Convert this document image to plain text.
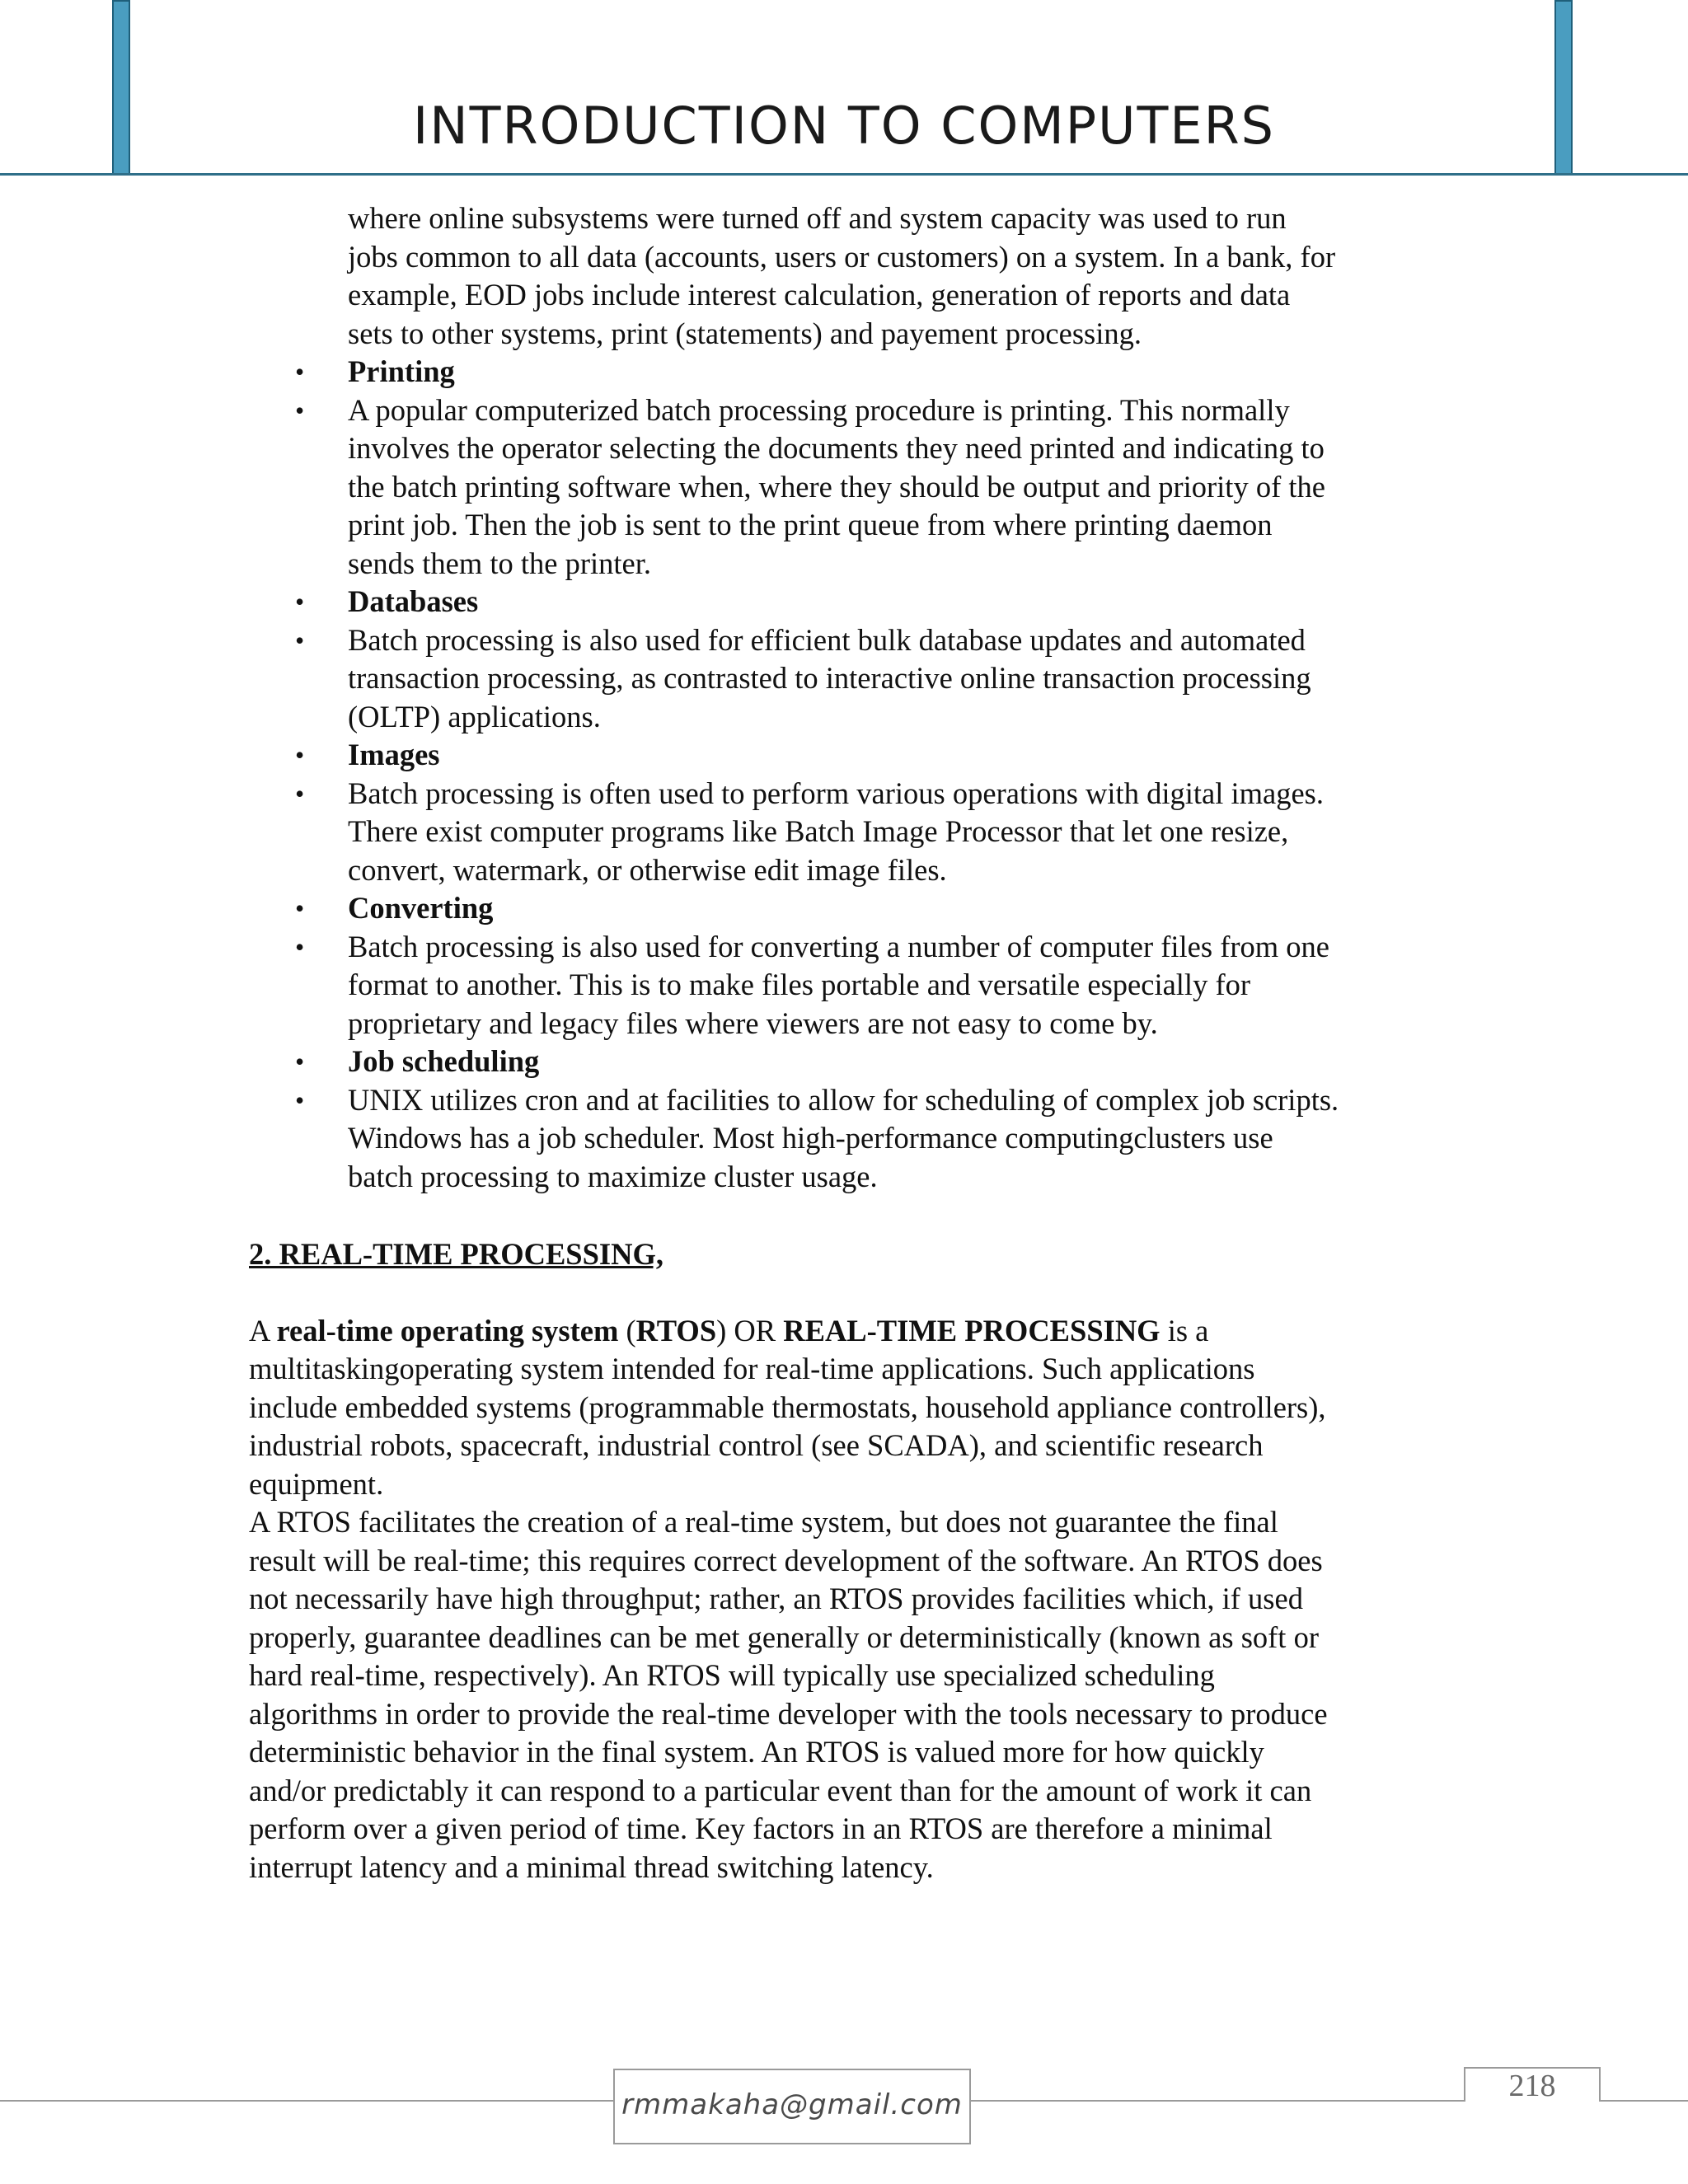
INTRODUCTION TO COMPUTERS

where online subsystems were turned off and system capacity was used to run
jobs common to all data (accounts, users or customers) on a system. In a bank, for
example, EOD jobs include interest calculation, generation of reports and data
sets to other systems, print (statements) and payement processing.

• Printing
• A popular computerized batch processing procedure is printing. This normally
involves the operator selecting the documents they need printed and indicating to
the batch printing software when, where they should be output and priority of the
print job. Then the job is sent to the print queue from where printing daemon
sends them to the printer.
• Databases
• Batch processing is also used for efficient bulk database updates and automated
transaction processing, as contrasted to interactive online transaction processing
(OLTP) applications.
• Images
• Batch processing is often used to perform various operations with digital images.
There exist computer programs like Batch Image Processor that let one resize,
convert, watermark, or otherwise edit image files.
• Converting
• Batch processing is also used for converting a number of computer files from one
format to another. This is to make files portable and versatile especially for
proprietary and legacy files where viewers are not easy to come by.
• Job scheduling
• UNIX utilizes cron and at facilities to allow for scheduling of complex job scripts.
Windows has a job scheduler. Most high-performance computingclusters use
batch processing to maximize cluster usage.

2. REAL-TIME PROCESSING,

A real-time operating system (RTOS) OR REAL-TIME PROCESSING is a
multitaskingoperating system intended for real-time applications. Such applications
include embedded systems (programmable thermostats, household appliance controllers),
industrial robots, spacecraft, industrial control (see SCADA), and scientific research
equipment.

A RTOS facilitates the creation of a real-time system, but does not guarantee the final
result will be real-time; this requires correct development of the software. An RTOS does
not necessarily have high throughput; rather, an RTOS provides facilities which, if used
properly, guarantee deadlines can be met generally or deterministically (known as soft or
hard real-time, respectively). An RTOS will typically use specialized scheduling
algorithms in order to provide the real-time developer with the tools necessary to produce
deterministic behavior in the final system. An RTOS is valued more for how quickly
and/or predictably it can respond to a particular event than for the amount of work it can
perform over a given period of time. Key factors in an RTOS are therefore a minimal
interrupt latency and a minimal thread switching latency.

rmmakaha@gmail.com
218
